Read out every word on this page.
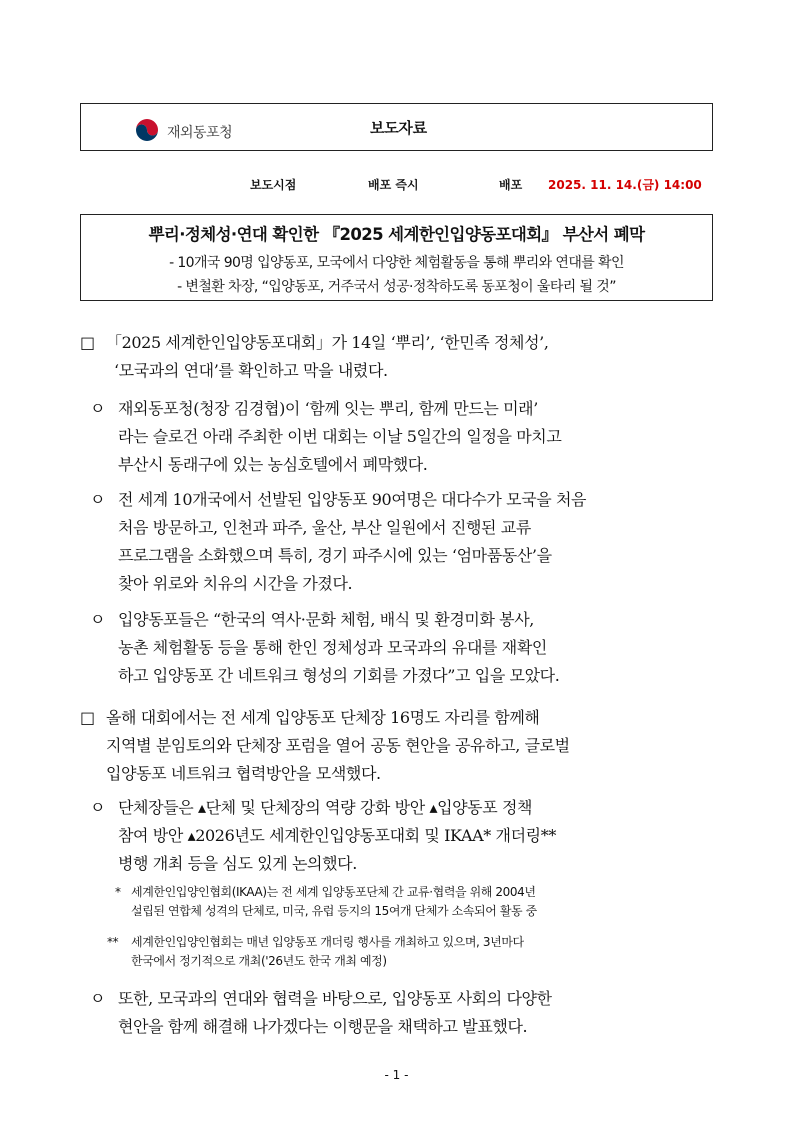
재외동포청	보도자료
보도시점	배포 즉시	배포 2025. 11. 14.(금) 14:00
뿌리·정체성·연대 확인한 『2025 세계한인입양동포대회』 부산서 폐막
- 10개국 90명 입양동포, 모국에서 다양한 체험활동을 통해 뿌리와 연대를 확인
- 변철환 차장, “입양동포, 거주국서 성공·정착하도록 동포청이 울타리 될 것”
□ 「2025 세계한인입양동포대회」가 14일 ‘뿌리’, ‘한민족 정체성’,
‘모국과의 연대’를 확인하고 막을 내렸다.
ㅇ 재외동포청(청장 김경협)이 ‘함께 잇는 뿌리, 함께 만드는 미래’
라는 슬로건 아래 주최한 이번 대회는 이날 5일간의 일정을 마치고
부산시 동래구에 있는 농심호텔에서 폐막했다.
ㅇ 전 세계 10개국에서 선발된 입양동포 90여명은 대다수가 모국을 처음
처음 방문하고, 인천과 파주, 울산, 부산 일원에서 진행된 교류
프로그램을 소화했으며 특히, 경기 파주시에 있는 ‘엄마품동산’을
찾아 위로와 치유의 시간을 가졌다.
ㅇ 입양동포들은 “한국의 역사·문화 체험, 배식 및 환경미화 봉사,
농촌 체험활동 등을 통해 한인 정체성과 모국과의 유대를 재확인
하고 입양동포 간 네트워크 형성의 기회를 가졌다”고 입을 모았다.
□ 올해 대회에서는 전 세계 입양동포 단체장 16명도 자리를 함께해
지역별 분임토의와 단체장 포럼을 열어 공동 현안을 공유하고, 글로벌
입양동포 네트워크 협력방안을 모색했다.
ㅇ 단체장들은 ▴단체 및 단체장의 역량 강화 방안 ▴입양동포 정책
참여 방안 ▴2026년도 세계한인입양동포대회 및 IKAA* 개더링**
병행 개최 등을 심도 있게 논의했다.
* 세계한인입양인협회(IKAA)는 전 세계 입양동포단체 간 교류·협력을 위해 2004년
설립된 연합체 성격의 단체로, 미국, 유럽 등지의 15여개 단체가 소속되어 활동 중
** 세계한인입양인협회는 매년 입양동포 개더링 행사를 개최하고 있으며, 3년마다
한국에서 정기적으로 개최('26년도 한국 개최 예정)
ㅇ 또한, 모국과의 연대와 협력을 바탕으로, 입양동포 사회의 다양한
현안을 함께 해결해 나가겠다는 이행문을 채택하고 발표했다.
- 1 -
